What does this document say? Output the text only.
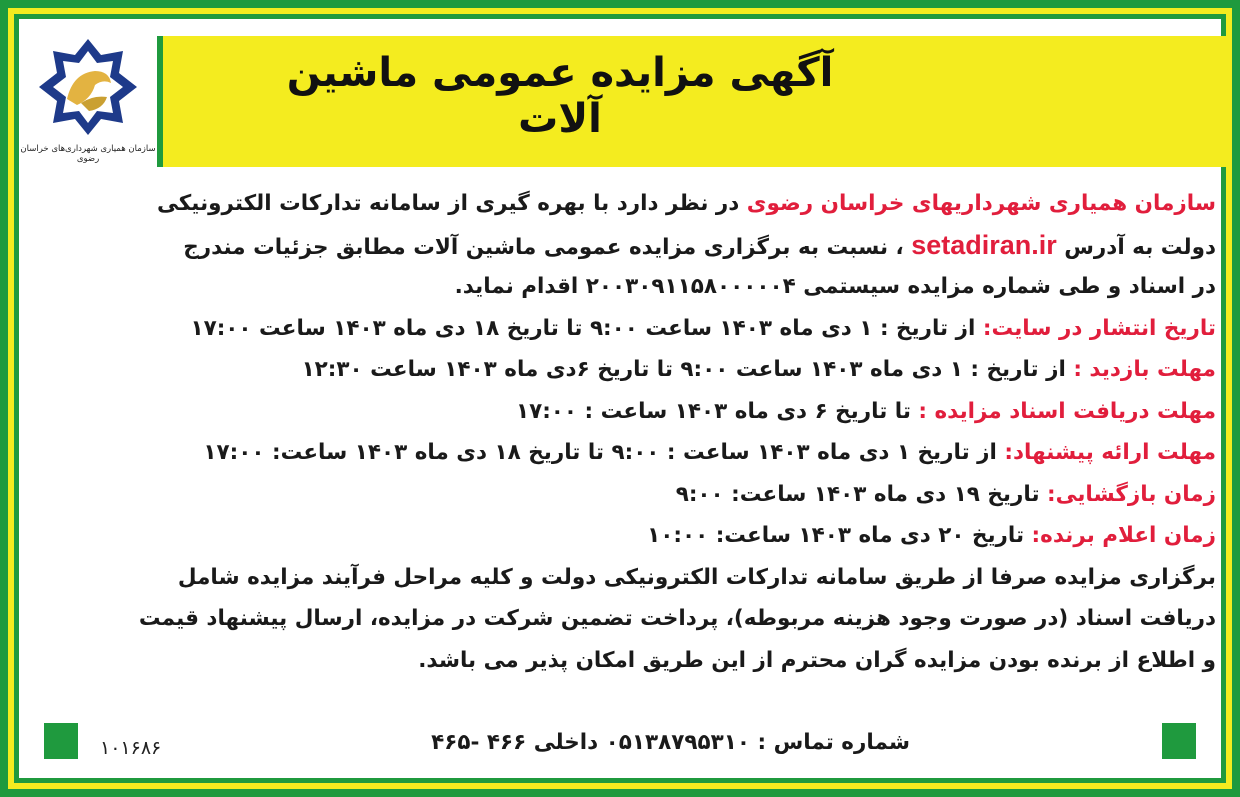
سازمان همیاری شهرداری‌های خراسان رضوی
آگهی مزایده عمومی ماشین آلات
سازمان همیاری شهرداریهای خراسان رضوی در نظر دارد با بهره گیری از سامانه تدارکات الکترونیکی
دولت به آدرس setadiran.ir ، نسبت به برگزاری مزایده عمومی ماشین آلات مطابق جزئیات مندرج
در اسناد و طی شماره مزایده سیستمی ۲۰۰۳۰۹۱۱۵۸۰۰۰۰۰۴ اقدام نماید.
تاریخ انتشار در سایت: از تاریخ : ۱ دی ماه ۱۴۰۳ ساعت ۹:۰۰ تا تاریخ ۱۸ دی ماه ۱۴۰۳ ساعت ۱۷:۰۰
مهلت بازدید : از تاریخ : ۱ دی ماه ۱۴۰۳ ساعت ۹:۰۰ تا تاریخ ۶دی ماه ۱۴۰۳ ساعت ۱۲:۳۰
مهلت دریافت اسناد مزایده : تا تاریخ ۶ دی ماه ۱۴۰۳ ساعت : ۱۷:۰۰
مهلت ارائه پیشنهاد: از تاریخ ۱ دی ماه ۱۴۰۳ ساعت : ۹:۰۰ تا تاریخ ۱۸ دی ماه ۱۴۰۳ ساعت: ۱۷:۰۰
زمان بازگشایی: تاریخ ۱۹ دی ماه ۱۴۰۳ ساعت: ۹:۰۰
زمان اعلام برنده: تاریخ ۲۰ دی ماه ۱۴۰۳ ساعت: ۱۰:۰۰
برگزاری مزایده صرفا از طریق سامانه تدارکات الکترونیکی دولت و کلیه مراحل فرآیند مزایده شامل
دریافت اسناد (در صورت وجود هزینه مربوطه)، پرداخت تضمین شرکت در مزایده، ارسال پیشنهاد قیمت
و اطلاع از برنده بودن مزایده گران محترم از این طریق امکان پذیر می باشد.
۱۰۱۶۸۶	شماره تماس : ۰۵۱۳۸۷۹۵۳۱۰ داخلی ۴۶۶ -۴۶۵
